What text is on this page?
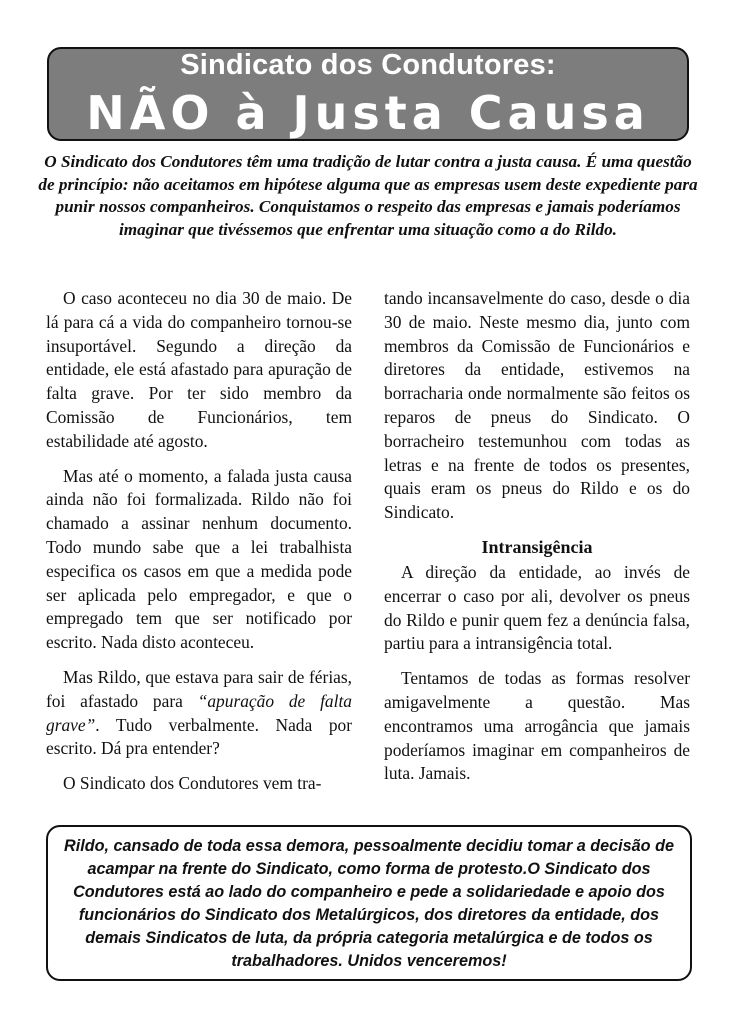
Sindicato dos Condutores:
NÃO à Justa Causa

O Sindicato dos Condutores têm uma tradição de lutar contra a justa causa. É uma questão de princípio: não aceitamos em hipótese alguma que as empresas usem deste expediente para punir nossos companheiros. Conquistamos o respeito das empresas e jamais poderíamos imaginar que tivéssemos que enfrentar uma situação como a do Rildo.

O caso aconteceu no dia 30 de maio. De lá para cá a vida do companheiro tornou-se insuportável. Segundo a direção da entidade, ele está afastado para apuração de falta grave. Por ter sido membro da Comissão de Funcionários, tem estabilidade até agosto.

Mas até o momento, a falada justa causa ainda não foi formalizada. Rildo não foi chamado a assinar nenhum documento. Todo mundo sabe que a lei trabalhista especifica os casos em que a medida pode ser aplicada pelo empregador, e que o empregado tem que ser notificado por escrito. Nada disto aconteceu.

Mas Rildo, que estava para sair de férias, foi afastado para “apuração de falta grave”. Tudo verbalmente. Nada por escrito. Dá pra entender?

O Sindicato dos Condutores vem tra-

tando incansavelmente do caso, desde o dia 30 de maio. Neste mesmo dia, junto com membros da Comissão de Funcionários e diretores da entidade, estivemos na borracharia onde normalmente são feitos os reparos de pneus do Sindicato. O borracheiro testemunhou com todas as letras e na frente de todos os presentes, quais eram os pneus do Rildo e os do Sindicato.

Intransigência

A direção da entidade, ao invés de encerrar o caso por ali, devolver os pneus do Rildo e punir quem fez a denúncia falsa, partiu para a intransigência total.

Tentamos de todas as formas resolver amigavelmente a questão. Mas encontramos uma arrogância que jamais poderíamos imaginar em companheiros de luta. Jamais.

Rildo, cansado de toda essa demora, pessoalmente decidiu tomar a decisão de acampar na frente do Sindicato, como forma de protesto.O Sindicato dos Condutores está ao lado do companheiro e pede a solidariedade e apoio dos funcionários do Sindicato dos Metalúrgicos, dos diretores da entidade, dos demais Sindicatos de luta, da própria categoria metalúrgica e de todos os trabalhadores. Unidos venceremos!
